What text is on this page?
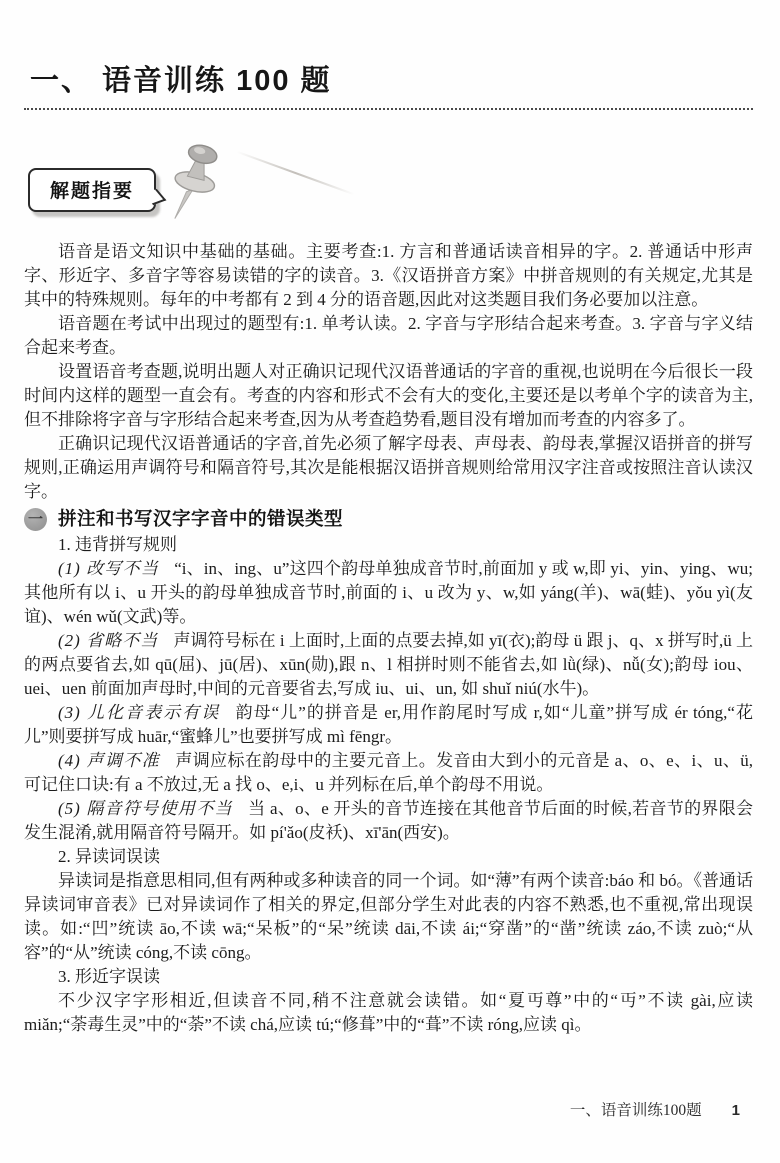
一、 语音训练 100 题
解题指要

语音是语文知识中基础的基础。主要考查:1. 方言和普通话读音相异的字。2. 普通话中形声字、形近字、多音字等容易读错的字的读音。3.《汉语拼音方案》中拼音规则的有关规定,尤其是其中的特殊规则。每年的中考都有 2 到 4 分的语音题,因此对这类题目我们务必要加以注意。

语音题在考试中出现过的题型有:1. 单考认读。2. 字音与字形结合起来考查。3. 字音与字义结合起来考查。

设置语音考查题,说明出题人对正确识记现代汉语普通话的字音的重视,也说明在今后很长一段时间内这样的题型一直会有。考查的内容和形式不会有大的变化,主要还是以考单个字的读音为主,但不排除将字音与字形结合起来考查,因为从考查趋势看,题目没有增加而考查的内容多了。

正确识记现代汉语普通话的字音,首先必须了解字母表、声母表、韵母表,掌握汉语拼音的拼写规则,正确运用声调符号和隔音符号,其次是能根据汉语拼音规则给常用汉字注音或按照注音认读汉字。

一 拼注和书写汉字字音中的错误类型

1. 违背拼写规则

(1) 改写不当 “i、in、ing、u”这四个韵母单独成音节时,前面加 y 或 w,即 yi、yin、ying、wu;其他所有以 i、u 开头的韵母单独成音节时,前面的 i、u 改为 y、w,如 yáng(羊)、wā(蛙)、yǒu yì(友谊)、wén wǔ(文武)等。

(2) 省略不当 声调符号标在 i 上面时,上面的点要去掉,如 yī(衣);韵母 ü 跟 j、q、x 拼写时,ü 上的两点要省去,如 qū(屈)、jū(居)、xūn(勋),跟 n、l 相拼时则不能省去,如 lǜ(绿)、nǚ(女);韵母 iou、uei、uen 前面加声母时,中间的元音要省去,写成 iu、ui、un, 如 shuǐ niú(水牛)。

(3) 儿化音表示有误 韵母“儿”的拼音是 er,用作韵尾时写成 r,如“儿童”拼写成 ér tóng,“花儿”则要拼写成 huār,“蜜蜂儿”也要拼写成 mì fēngr。

(4) 声调不准 声调应标在韵母中的主要元音上。发音由大到小的元音是 a、o、e、i、u、ü,可记住口诀:有 a 不放过,无 a 找 o、e,i、u 并列标在后,单个韵母不用说。

(5) 隔音符号使用不当 当 a、o、e 开头的音节连接在其他音节后面的时候,若音节的界限会发生混淆,就用隔音符号隔开。如 pí'ǎo(皮袄)、xī'ān(西安)。

2. 异读词误读

异读词是指意思相同,但有两种或多种读音的同一个词。如“薄”有两个读音:báo 和 bó。《普通话异读词审音表》已对异读词作了相关的界定,但部分学生对此表的内容不熟悉,也不重视,常出现误读。如:“凹”统读 āo,不读 wā;“呆板”的“呆”统读 dāi,不读 ái;“穿凿”的“凿”统读 záo,不读 zuò;“从容”的“从”统读 cóng,不读 cōng。

3. 形近字误读

不少汉字字形相近,但读音不同,稍不注意就会读错。如“夏丏尊”中的“丏”不读 gài,应读 miǎn;“荼毒生灵”中的“荼”不读 chá,应读 tú;“修葺”中的“葺”不读 róng,应读 qì。

一、语音训练100题 1
